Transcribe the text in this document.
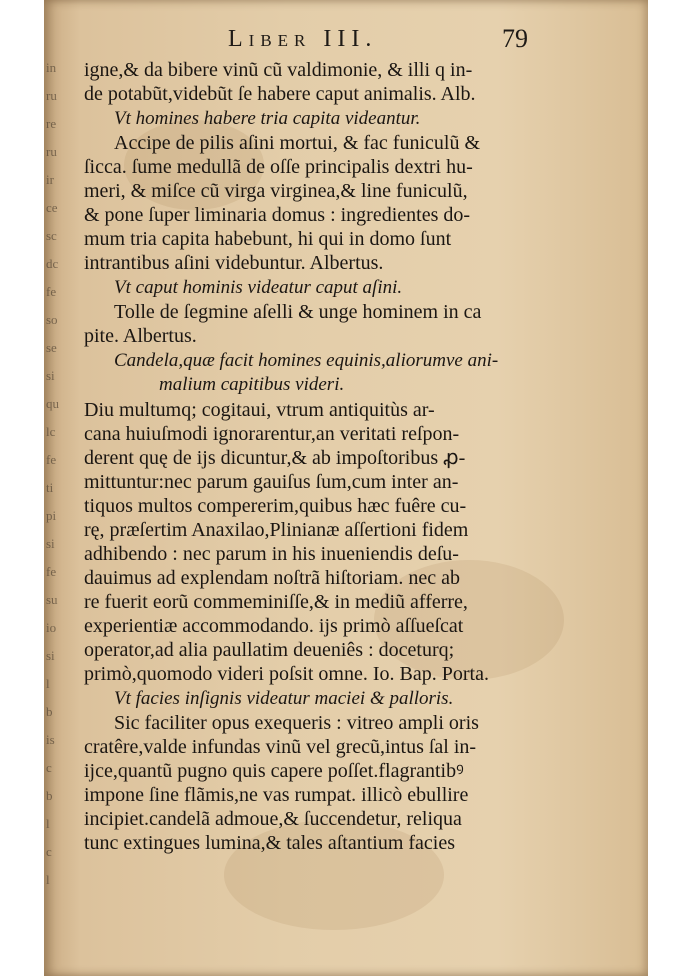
Liber III.	79
igne,& da bibere vinũ cũ valdimonie, & illi q in-
de potabũt,videbũt ſe habere caput animalis. Alb.
Vt homines habere tria capita videantur.
Accipe de pilis aſini mortui, & fac funiculũ &
ſicca. ſume medullã de oſſe principalis dextri hu-
meri, & miſce cũ virga virginea,& line funiculũ,
& pone ſuper liminaria domus : ingredientes do-
mum tria capita habebunt, hi qui in domo ſunt
intrantibus aſini videbuntur. Albertus.
Vt caput hominis videatur caput aſini.
Tolle de ſegmine aſelli & unge hominem in ca
pite. Albertus.
Candela,quæ facit homines equinis,aliorumve ani-
malium capitibus videri.
Diu multumq; cogitaui, vtrum antiquitùs ar-
cana huiuſmodi ignorarentur,an veritati reſpon-
derent quę de ijs dicuntur,& ab impoſtoribus ꝓ-
mittuntur:nec parum gauiſus ſum,cum inter an-
tiquos multos compererim,quibus hæc fuêre cu-
rę, præſertim Anaxilao,Plinianæ aſſertioni fidem
adhibendo : nec parum in his inueniendis deſu-
dauimus ad explendam noſtrã hiſtoriam. nec ab
re fuerit eorũ commeminiſſe,& in mediũ afferre,
experientiæ accommodando. ijs primò aſſueſcat
operator,ad alia paullatim deueniês : doceturq;
primò,quomodo videri poſsit omne. Io. Bap. Porta.
Vt facies inſignis videatur maciei & palloris.
Sic faciliter opus exequeris : vitreo ampli oris
cratêre,valde infundas vinũ vel grecũ,intus ſal in-
ijce,quantũ pugno quis capere poſſet.flagrantibꝰ
impone ſine flãmis,ne vas rumpat. illicò ebullire
incipiet.candelã admoue,& ſuccendetur, reliqua
tunc extingues lumina,& tales aſtantium facies
in
ru
re
ru
ir
ce
sc
dc
fe
so
se
si
qu
lc
fe
ti
pi
si
fe
su
io
si
l
b
is
c
b
l
c
l
